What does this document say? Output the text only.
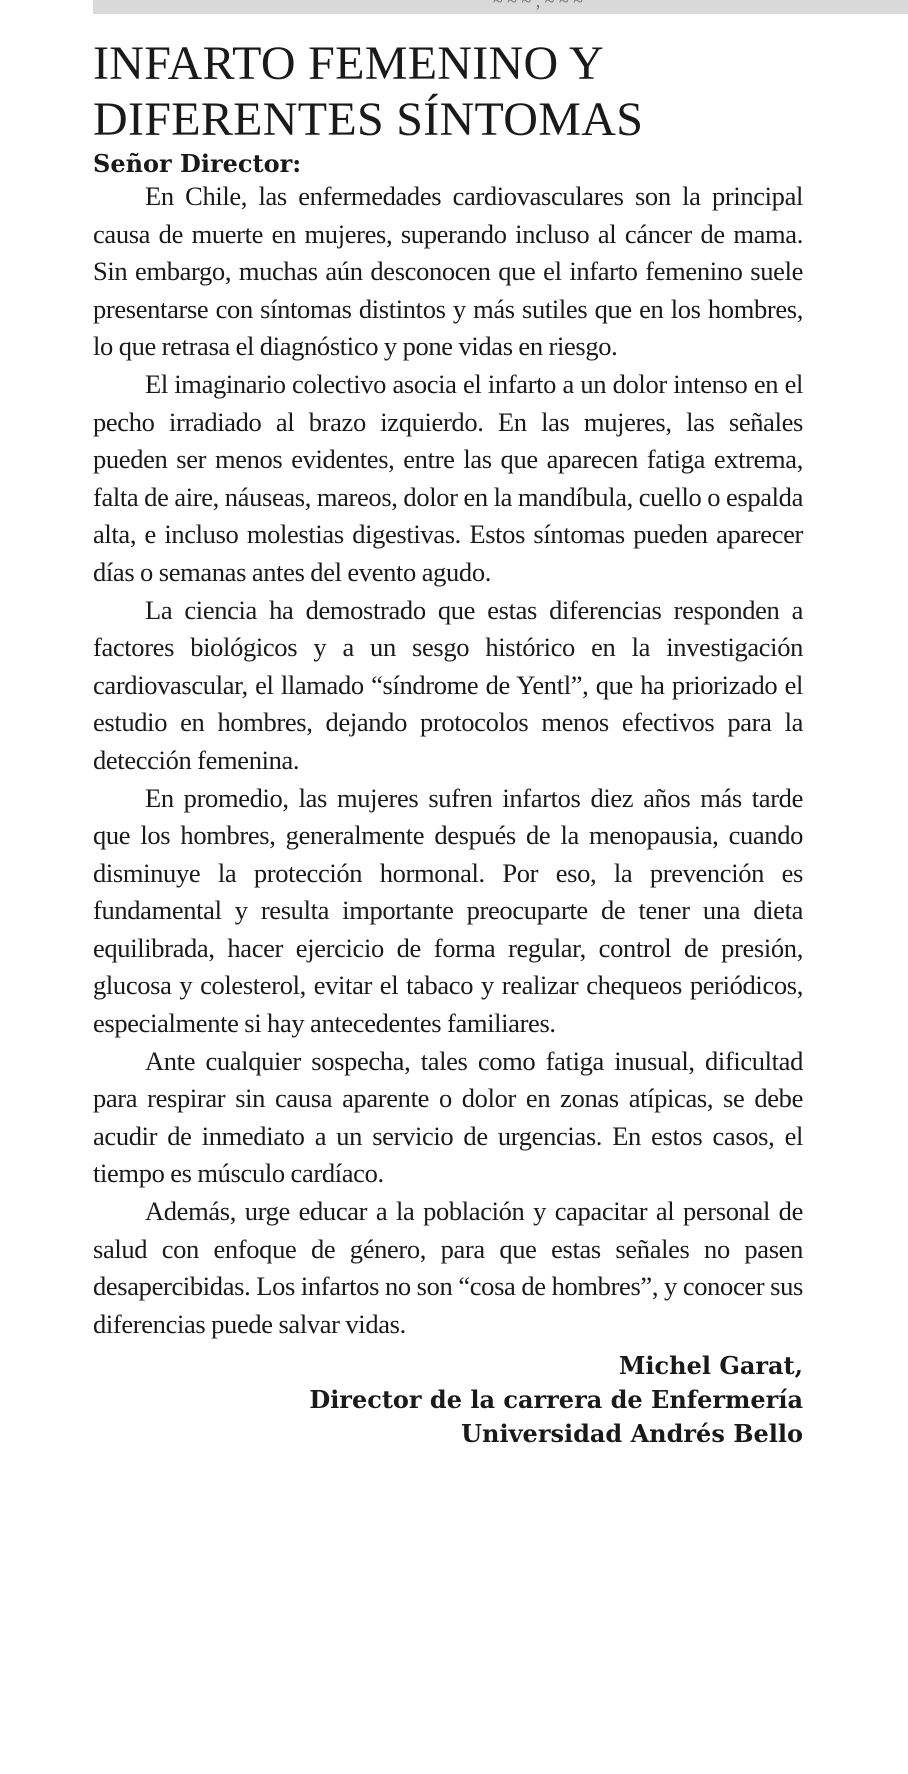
~ ~ ~ , ~ ~ ~
INFARTO FEMENINO Y
DIFERENTES SÍNTOMAS
Señor Director:

En Chile, las enfermedades cardiovasculares son la principal causa de muerte en mujeres, superando incluso al cáncer de mama. Sin embargo, muchas aún desconocen que el infarto femenino suele presentarse con síntomas distintos y más sutiles que en los hombres, lo que retrasa el diagnóstico y pone vidas en riesgo.

El imaginario colectivo asocia el infarto a un dolor intenso en el pecho irradiado al brazo izquierdo. En las mujeres, las señales pueden ser menos evidentes, entre las que aparecen fatiga extrema, falta de aire, náuseas, mareos, dolor en la mandíbula, cuello o espalda alta, e incluso molestias digestivas. Estos síntomas pueden aparecer días o semanas antes del evento agudo.

La ciencia ha demostrado que estas diferencias responden a factores biológicos y a un sesgo histórico en la investigación cardiovascular, el llamado “síndrome de Yentl”, que ha priorizado el estudio en hombres, dejando protocolos menos efectivos para la detección femenina.

En promedio, las mujeres sufren infartos diez años más tarde que los hombres, generalmente después de la menopausia, cuando disminuye la protección hormonal. Por eso, la prevención es fundamental y resulta importante preocuparte de tener una dieta equilibrada, hacer ejercicio de forma regular, control de presión, glucosa y colesterol, evitar el tabaco y realizar chequeos periódicos, especialmente si hay antecedentes familiares.

Ante cualquier sospecha, tales como fatiga inusual, dificultad para respirar sin causa aparente o dolor en zonas atípicas, se debe acudir de inmediato a un servicio de urgencias. En estos casos, el tiempo es músculo cardíaco.

Además, urge educar a la población y capacitar al personal de salud con enfoque de género, para que estas señales no pasen desapercibidas. Los infartos no son “cosa de hombres”, y conocer sus diferencias puede salvar vidas.

Michel Garat,
Director de la carrera de Enfermería
Universidad Andrés Bello
